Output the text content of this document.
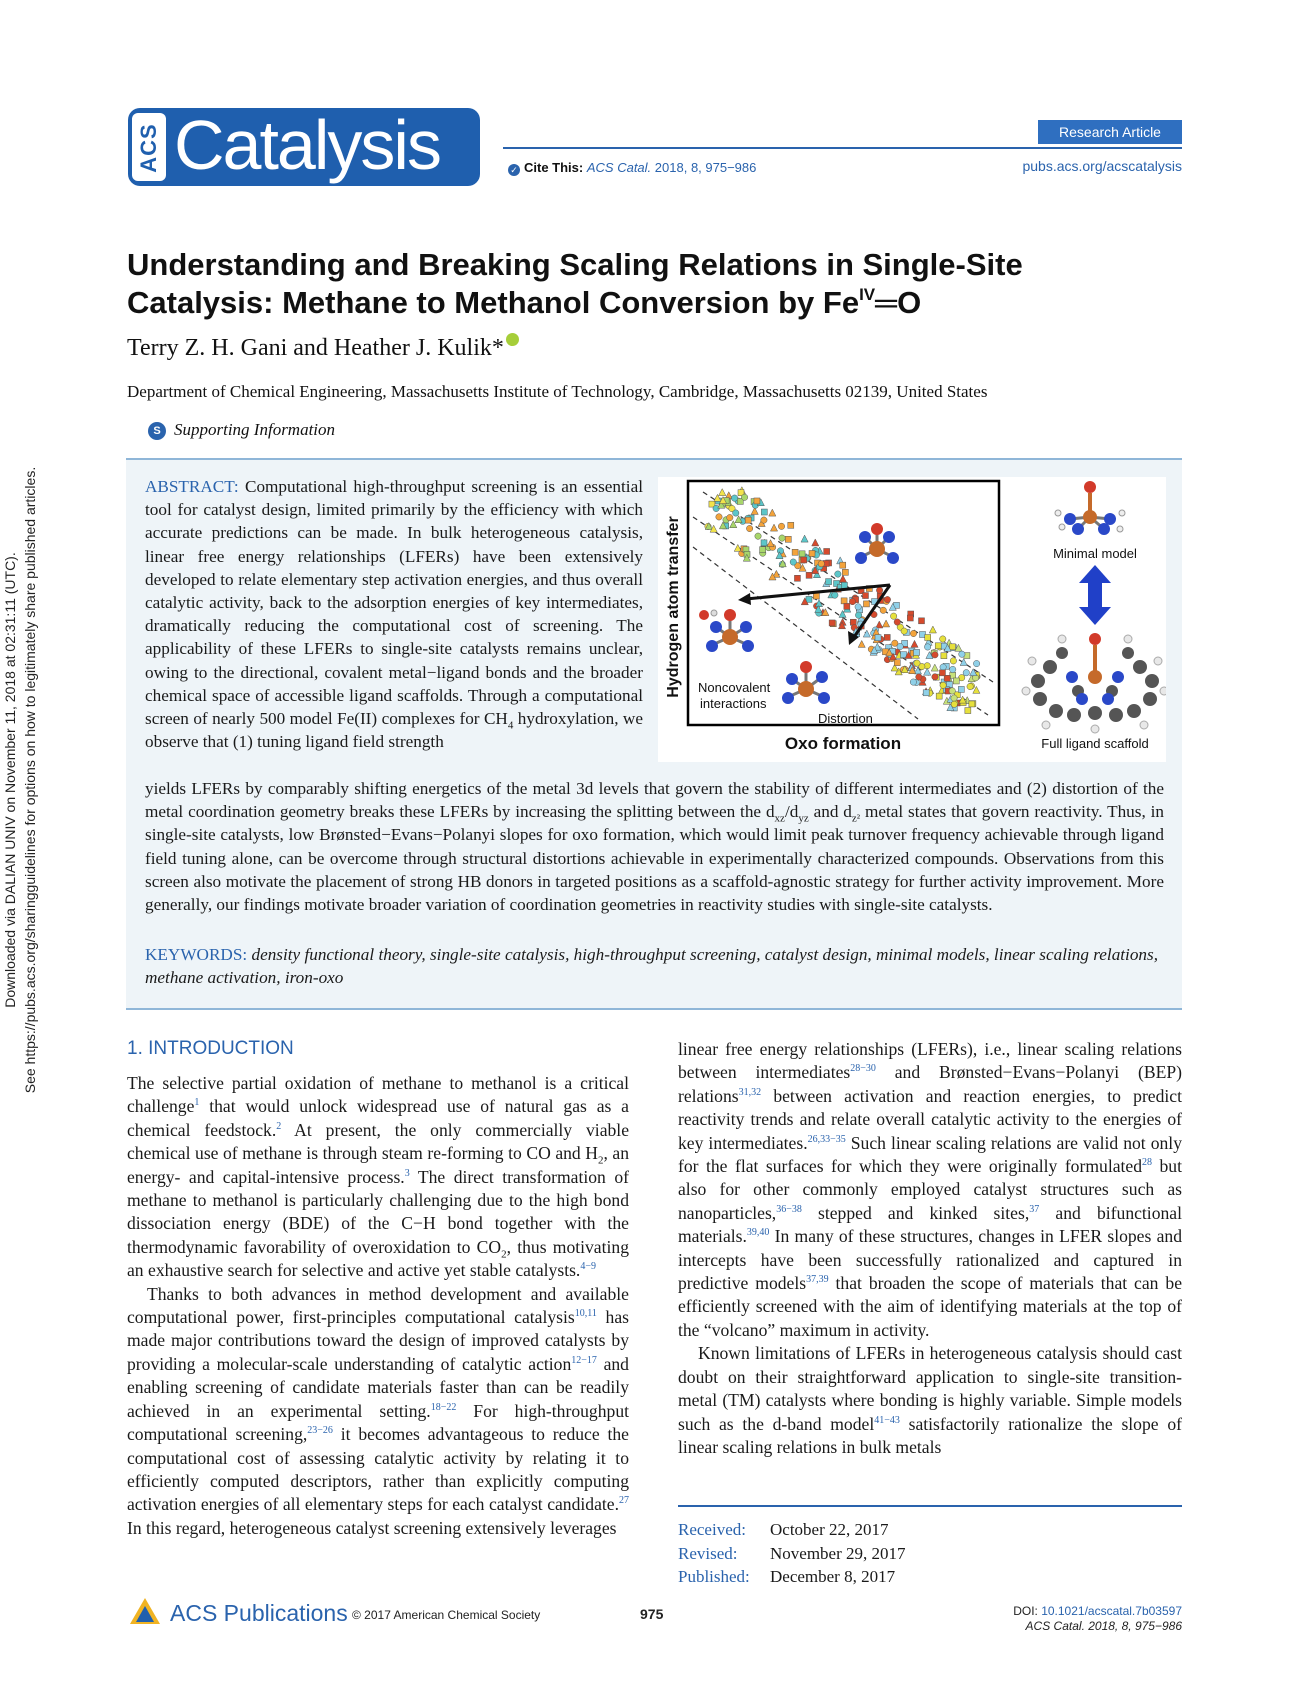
Downloaded via DALIAN UNIV on November 11, 2018 at 02:31:11 (UTC). See https://pubs.acs.org/sharingguidelines for options on how to legitimately share published articles.
ACS Catalysis	Research Article
✓ Cite This: ACS Catal. 2018, 8, 975−986	pubs.acs.org/acscatalysis
Understanding and Breaking Scaling Relations in Single-Site
Catalysis: Methane to Methanol Conversion by $Fe^{IV}═O$
Terry Z. H. Gani and Heather J. Kulik*
Department of Chemical Engineering, Massachusetts Institute of Technology, Cambridge, Massachusetts 02139, United States
S Supporting Information
ABSTRACT: Computational high-throughput screening is an essential tool for catalyst design, limited primarily by the efficiency with which accurate predictions can be made. In bulk heterogeneous catalysis, linear free energy relationships (LFERs) have been extensively developed to relate elementary step activation energies, and thus overall catalytic activity, back to the adsorption energies of key intermediates, dramatically reducing the computational cost of screening. The applicability of these LFERs to single-site catalysts remains unclear, owing to the directional, covalent metal−ligand bonds and the broader chemical space of accessible ligand scaffolds. Through a computational screen of nearly 500 model Fe(II) complexes for $CH_4$ hydroxylation, we observe that (1) tuning ligand field strength
yields LFERs by comparably shifting energetics of the metal 3d levels that govern the stability of different intermediates and (2) distortion of the metal coordination geometry breaks these LFERs by increasing the splitting between the $d_{xz}/d_{yz}$ and $d_{z^2}$ metal states that govern reactivity. Thus, in single-site catalysts, low Brønsted−Evans−Polanyi slopes for oxo formation, which would limit peak turnover frequency achievable through ligand field tuning alone, can be overcome through structural distortions achievable in experimentally characterized compounds. Observations from this screen also motivate the placement of strong HB donors in targeted positions as a scaffold-agnostic strategy for further activity improvement. More generally, our findings motivate broader variation of coordination geometries in reactivity studies with single-site catalysts.
KEYWORDS: density functional theory, single-site catalysis, high-throughput screening, catalyst design, minimal models, linear scaling relations, methane activation, iron-oxo
Noncovalent
interactions
Distortion
Hydrogen atom transfer
Oxo formation
Minimal model
Full ligand scaffold
1. INTRODUCTION

The selective partial oxidation of methane to methanol is a critical challenge$^1$ that would unlock widespread use of natural gas as a chemical feedstock.$^2$ At present, the only commercially viable chemical use of methane is through steam re-forming to CO and $H_2$, an energy- and capital-intensive process.$^3$ The direct transformation of methane to methanol is particularly challenging due to the high bond dissociation energy (BDE) of the C−H bond together with the thermodynamic favorability of overoxidation to $CO_2$, thus motivating an exhaustive search for selective and active yet stable catalysts.$^{4-9}$

Thanks to both advances in method development and available computational power, first-principles computational catalysis$^{10,11}$ has made major contributions toward the design of improved catalysts by providing a molecular-scale understanding of catalytic action$^{12-17}$ and enabling screening of candidate materials faster than can be readily achieved in an experimental setting.$^{18-22}$ For high-throughput computational screening,$^{23-26}$ it becomes advantageous to reduce the computational cost of assessing catalytic activity by relating it to efficiently computed descriptors, rather than explicitly computing activation energies of all elementary steps for each catalyst candidate.$^{27}$ In this regard, heterogeneous catalyst screening extensively leverages

linear free energy relationships (LFERs), i.e., linear scaling relations between intermediates$^{28-30}$ and Brønsted−Evans−Polanyi (BEP) relations$^{31,32}$ between activation and reaction energies, to predict reactivity trends and relate overall catalytic activity to the energies of key intermediates.$^{26,33-35}$ Such linear scaling relations are valid not only for the flat surfaces for which they were originally formulated$^{28}$ but also for other commonly employed catalyst structures such as nanoparticles,$^{36-38}$ stepped and kinked sites,$^{37}$ and bifunctional materials.$^{39,40}$ In many of these structures, changes in LFER slopes and intercepts have been successfully rationalized and captured in predictive models$^{37,39}$ that broaden the scope of materials that can be efficiently screened with the aim of identifying materials at the top of the “volcano” maximum in activity.

Known limitations of LFERs in heterogeneous catalysis should cast doubt on their straightforward application to single-site transition-metal (TM) catalysts where bonding is highly variable. Simple models such as the d-band model$^{41-43}$ satisfactorily rationalize the slope of linear scaling relations in bulk metals

Received: October 22, 2017
Revised: November 29, 2017
Published: December 8, 2017
ACS Publications © 2017 American Chemical Society	975	DOI: 10.1021/acscatal.7b03597
ACS Catal. 2018, 8, 975−986
